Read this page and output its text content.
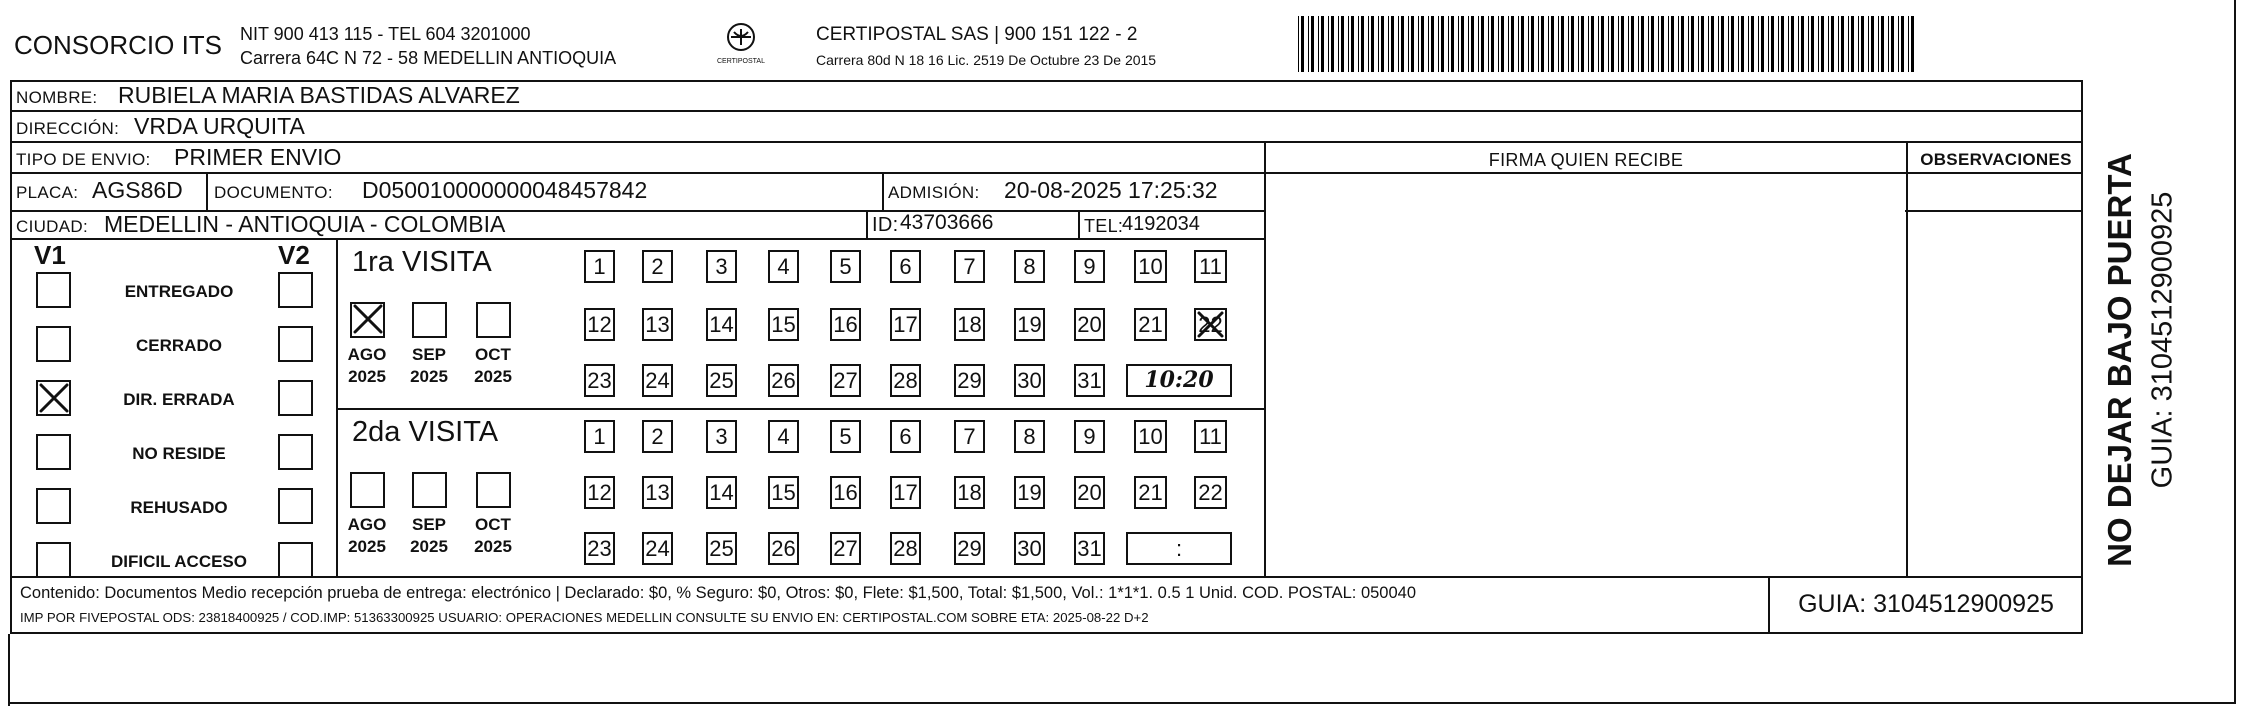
CONSORCIO ITS NIT 900 413 115 - TEL 604 3201000
Carrera 64C N 72 - 58 MEDELLIN ANTIOQUIA	CERTIPOSTAL
CERTIPOSTAL SAS | 900 151 122 - 2
Carrera 80d N 18 16 Lic. 2519 De Octubre 23 De 2015
NOMBRE: RUBIELA MARIA BASTIDAS ALVAREZ
DIRECCIÓN: VRDA URQUITA
TIPO DE ENVIO: PRIMER ENVIO	FIRMA QUIEN RECIBE	OBSERVACIONES
PLACA: AGS86D DOCUMENTO: D050010000000048457842	ADMISIÓN: 20-08-2025 17:25:32
CIUDAD: MEDELLIN - ANTIOQUIA - COLOMBIA	ID: 43703666	TEL:
4192034
V1	V2 1ra VISITA
2da VISITA
Contenido: Documentos Medio recepción prueba de entrega: electrónico | Declarado: $0, % Seguro: $0, Otros: $0, Flete: $1,500, Total: $1,500, Vol.: 1*1*1. 0.5 1 Unid. COD. POSTAL: 050040
IMP POR FIVEPOSTAL ODS: 23818400925 / COD.IMP: 51363300925 USUARIO: OPERACIONES MEDELLIN CONSULTE SU ENVIO EN: CERTIPOSTAL.COM SOBRE ETA: 2025-08-22 D+2	GUIA: 3104512900925
NO DEJAR BAJO PUERTA GUIA: 3104512900925
ENTREGADO
CERRADO
DIR. ERRADA
NO RESIDE
REHUSADO
DIFICIL ACCESO
AGO
2025
SEP
2025
OCT
2025
AGO
2025
SEP
2025
OCT
2025
1	2	3	4	5	6	7	8	9	10 11
12 13 14 15 16 17 18 19 20 21 22
23 24 25 26 27 28 29 30 31	10:20
1	2	3	4	5	6	7	8	9	10 11
12 13 14 15 16 17 18 19 20 21 22
23 24 25 26 27 28 29 30 31	:
